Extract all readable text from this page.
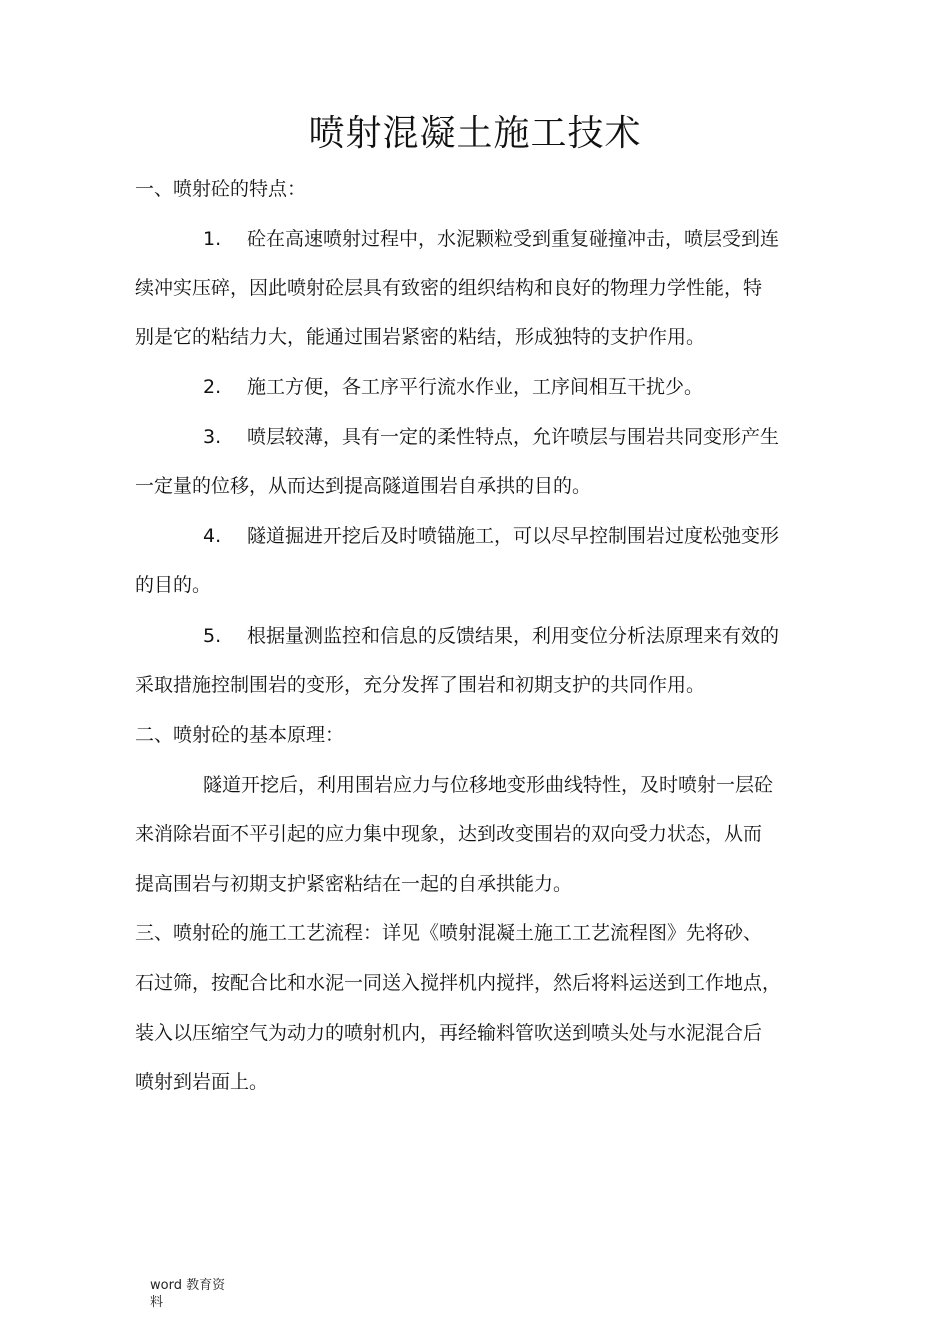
喷射混凝土施工技术

一、喷射砼的特点：

1. 砼在高速喷射过程中，水泥颗粒受到重复碰撞冲击，喷层受到连

续冲实压碎，因此喷射砼层具有致密的组织结构和良好的物理力学性能，特

别是它的粘结力大，能通过围岩紧密的粘结，形成独特的支护作用。

2. 施工方便，各工序平行流水作业，工序间相互干扰少。

3. 喷层较薄，具有一定的柔性特点，允许喷层与围岩共同变形产生

一定量的位移，从而达到提高隧道围岩自承拱的目的。

4. 隧道掘进开挖后及时喷锚施工，可以尽早控制围岩过度松弛变形

的目的。

5. 根据量测监控和信息的反馈结果，利用变位分析法原理来有效的

采取措施控制围岩的变形，充分发挥了围岩和初期支护的共同作用。

二、喷射砼的基本原理：

隧道开挖后，利用围岩应力与位移地变形曲线特性，及时喷射一层砼

来消除岩面不平引起的应力集中现象，达到改变围岩的双向受力状态，从而

提高围岩与初期支护紧密粘结在一起的自承拱能力。

三、喷射砼的施工工艺流程：详见《喷射混凝土施工工艺流程图》先将砂、

石过筛，按配合比和水泥一同送入搅拌机内搅拌，然后将料运送到工作地点，

装入以压缩空气为动力的喷射机内，再经输料管吹送到喷头处与水泥混合后

喷射到岩面上。

word 教育资
料
